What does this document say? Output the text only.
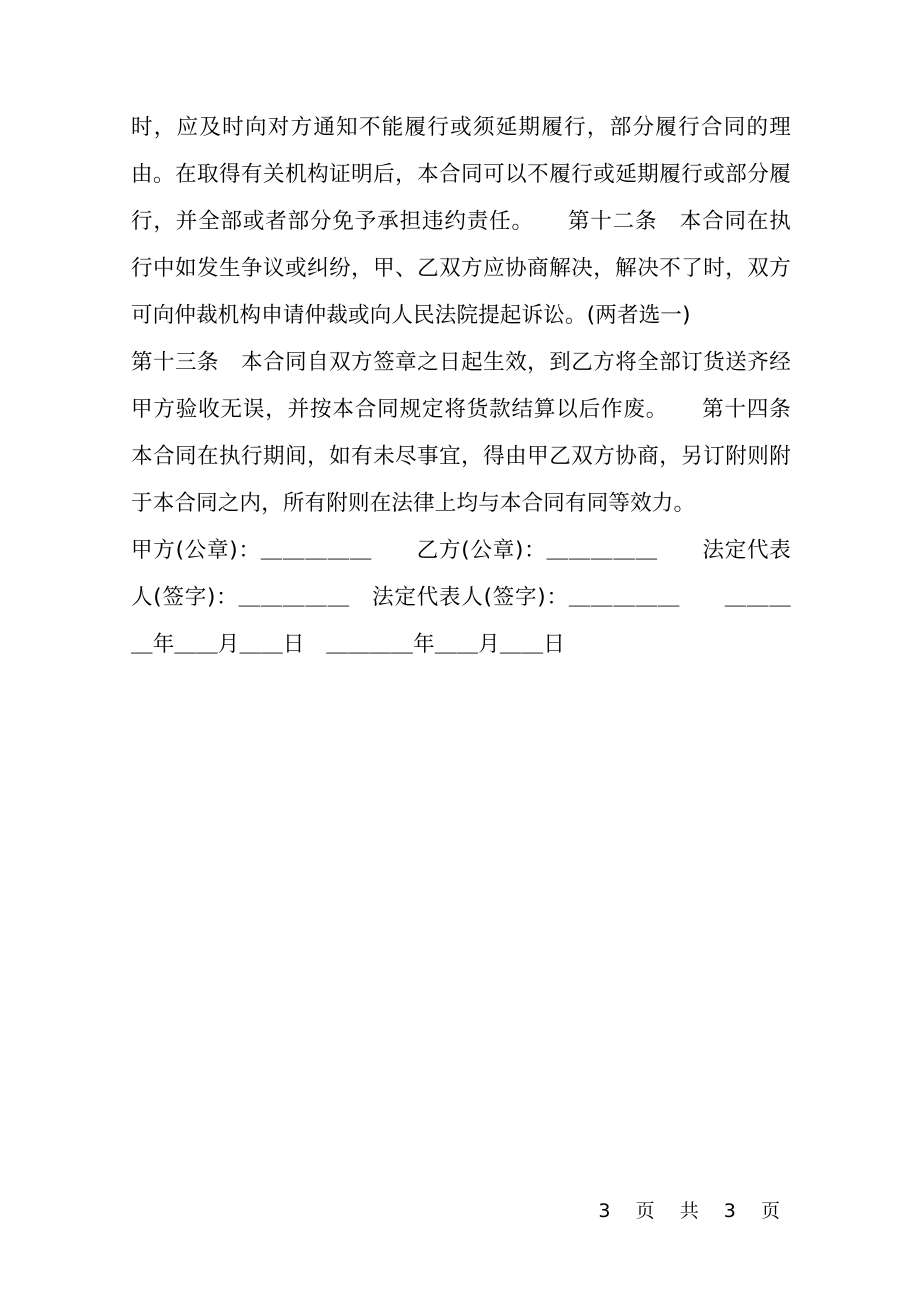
时，应及时向对方通知不能履行或须延期履行，部分履行合同的理由。在取得有关机构证明后，本合同可以不履行或延期履行或部分履行，并全部或者部分免予承担违约责任。　　第十二条　本合同在执行中如发生争议或纠纷，甲、乙双方应协商解决，解决不了时，双方可向仲裁机构申请仲裁或向人民法院提起诉讼。(两者选一)

第十三条　本合同自双方签章之日起生效，到乙方将全部订货送齐经甲方验收无误，并按本合同规定将货款结算以后作废。　　第十四条　本合同在执行期间，如有未尽事宜，得由甲乙双方协商，另订附则附于本合同之内，所有附则在法律上均与本合同有同等效力。

甲方(公章)：＿＿＿＿＿　　乙方(公章)：＿＿＿＿＿　　法定代表人(签字)：＿＿＿＿＿　法定代表人(签字)：＿＿＿＿＿　　＿＿＿＿年＿＿月＿＿日　＿＿＿＿年＿＿月＿＿日

3 页 共 3 页
